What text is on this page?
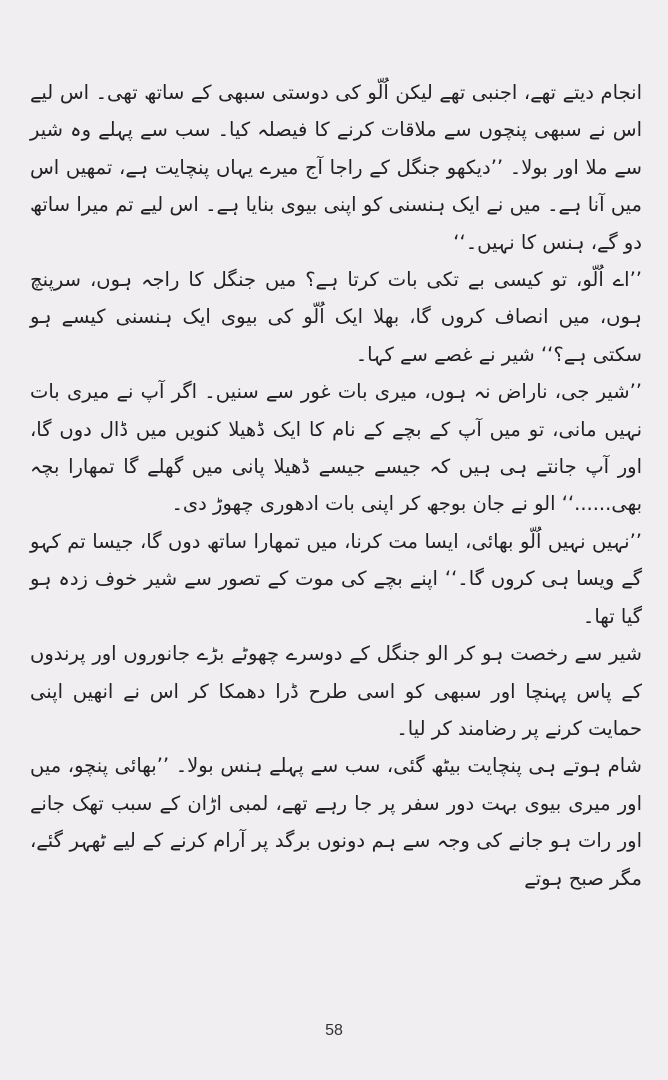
انجام دیتے تھے، اجنبی تھے لیکن اُلّو کی دوستی سبھی کے ساتھ تھی۔ اس لیے اس نے سبھی پنچوں سے ملاقات کرنے کا فیصلہ کیا۔ سب سے پہلے وہ شیر سے ملا اور بولا۔ ’’دیکھو جنگل کے راجا آج میرے یہاں پنچایت ہے، تمھیں اس میں آنا ہے۔ میں نے ایک ہنسنی کو اپنی بیوی بنایا ہے۔ اس لیے تم میرا ساتھ دو گے، ہنس کا نہیں۔‘‘

’’اے اُلّو، تو کیسی بے تکی بات کرتا ہے؟ میں جنگل کا راجہ ہوں، سرپنچ ہوں، میں انصاف کروں گا، بھلا ایک اُلّو کی بیوی ایک ہنسنی کیسے ہو سکتی ہے؟‘‘ شیر نے غصے سے کہا۔

’’شیر جی، ناراض نہ ہوں، میری بات غور سے سنیں۔ اگر آپ نے میری بات نہیں مانی، تو میں آپ کے بچے کے نام کا ایک ڈھیلا کنویں میں ڈال دوں گا، اور آپ جانتے ہی ہیں کہ جیسے جیسے ڈھیلا پانی میں گھلے گا تمھارا بچہ بھی......‘‘ الو نے جان بوجھ کر اپنی بات ادھوری چھوڑ دی۔

’’نہیں نہیں اُلّو بھائی، ایسا مت کرنا، میں تمھارا ساتھ دوں گا، جیسا تم کہو گے ویسا ہی کروں گا۔‘‘ اپنے بچے کی موت کے تصور سے شیر خوف زدہ ہو گیا تھا۔

شیر سے رخصت ہو کر الو جنگل کے دوسرے چھوٹے بڑے جانوروں اور پرندوں کے پاس پہنچا اور سبھی کو اسی طرح ڈرا دھمکا کر اس نے انھیں اپنی حمایت کرنے پر رضامند کر لیا۔

شام ہوتے ہی پنچایت بیٹھ گئی، سب سے پہلے ہنس بولا۔ ’’بھائی پنچو، میں اور میری بیوی بہت دور سفر پر جا رہے تھے، لمبی اڑان کے سبب تھک جانے اور رات ہو جانے کی وجہ سے ہم دونوں برگد پر آرام کرنے کے لیے ٹھہر گئے، مگر صبح ہوتے

58
